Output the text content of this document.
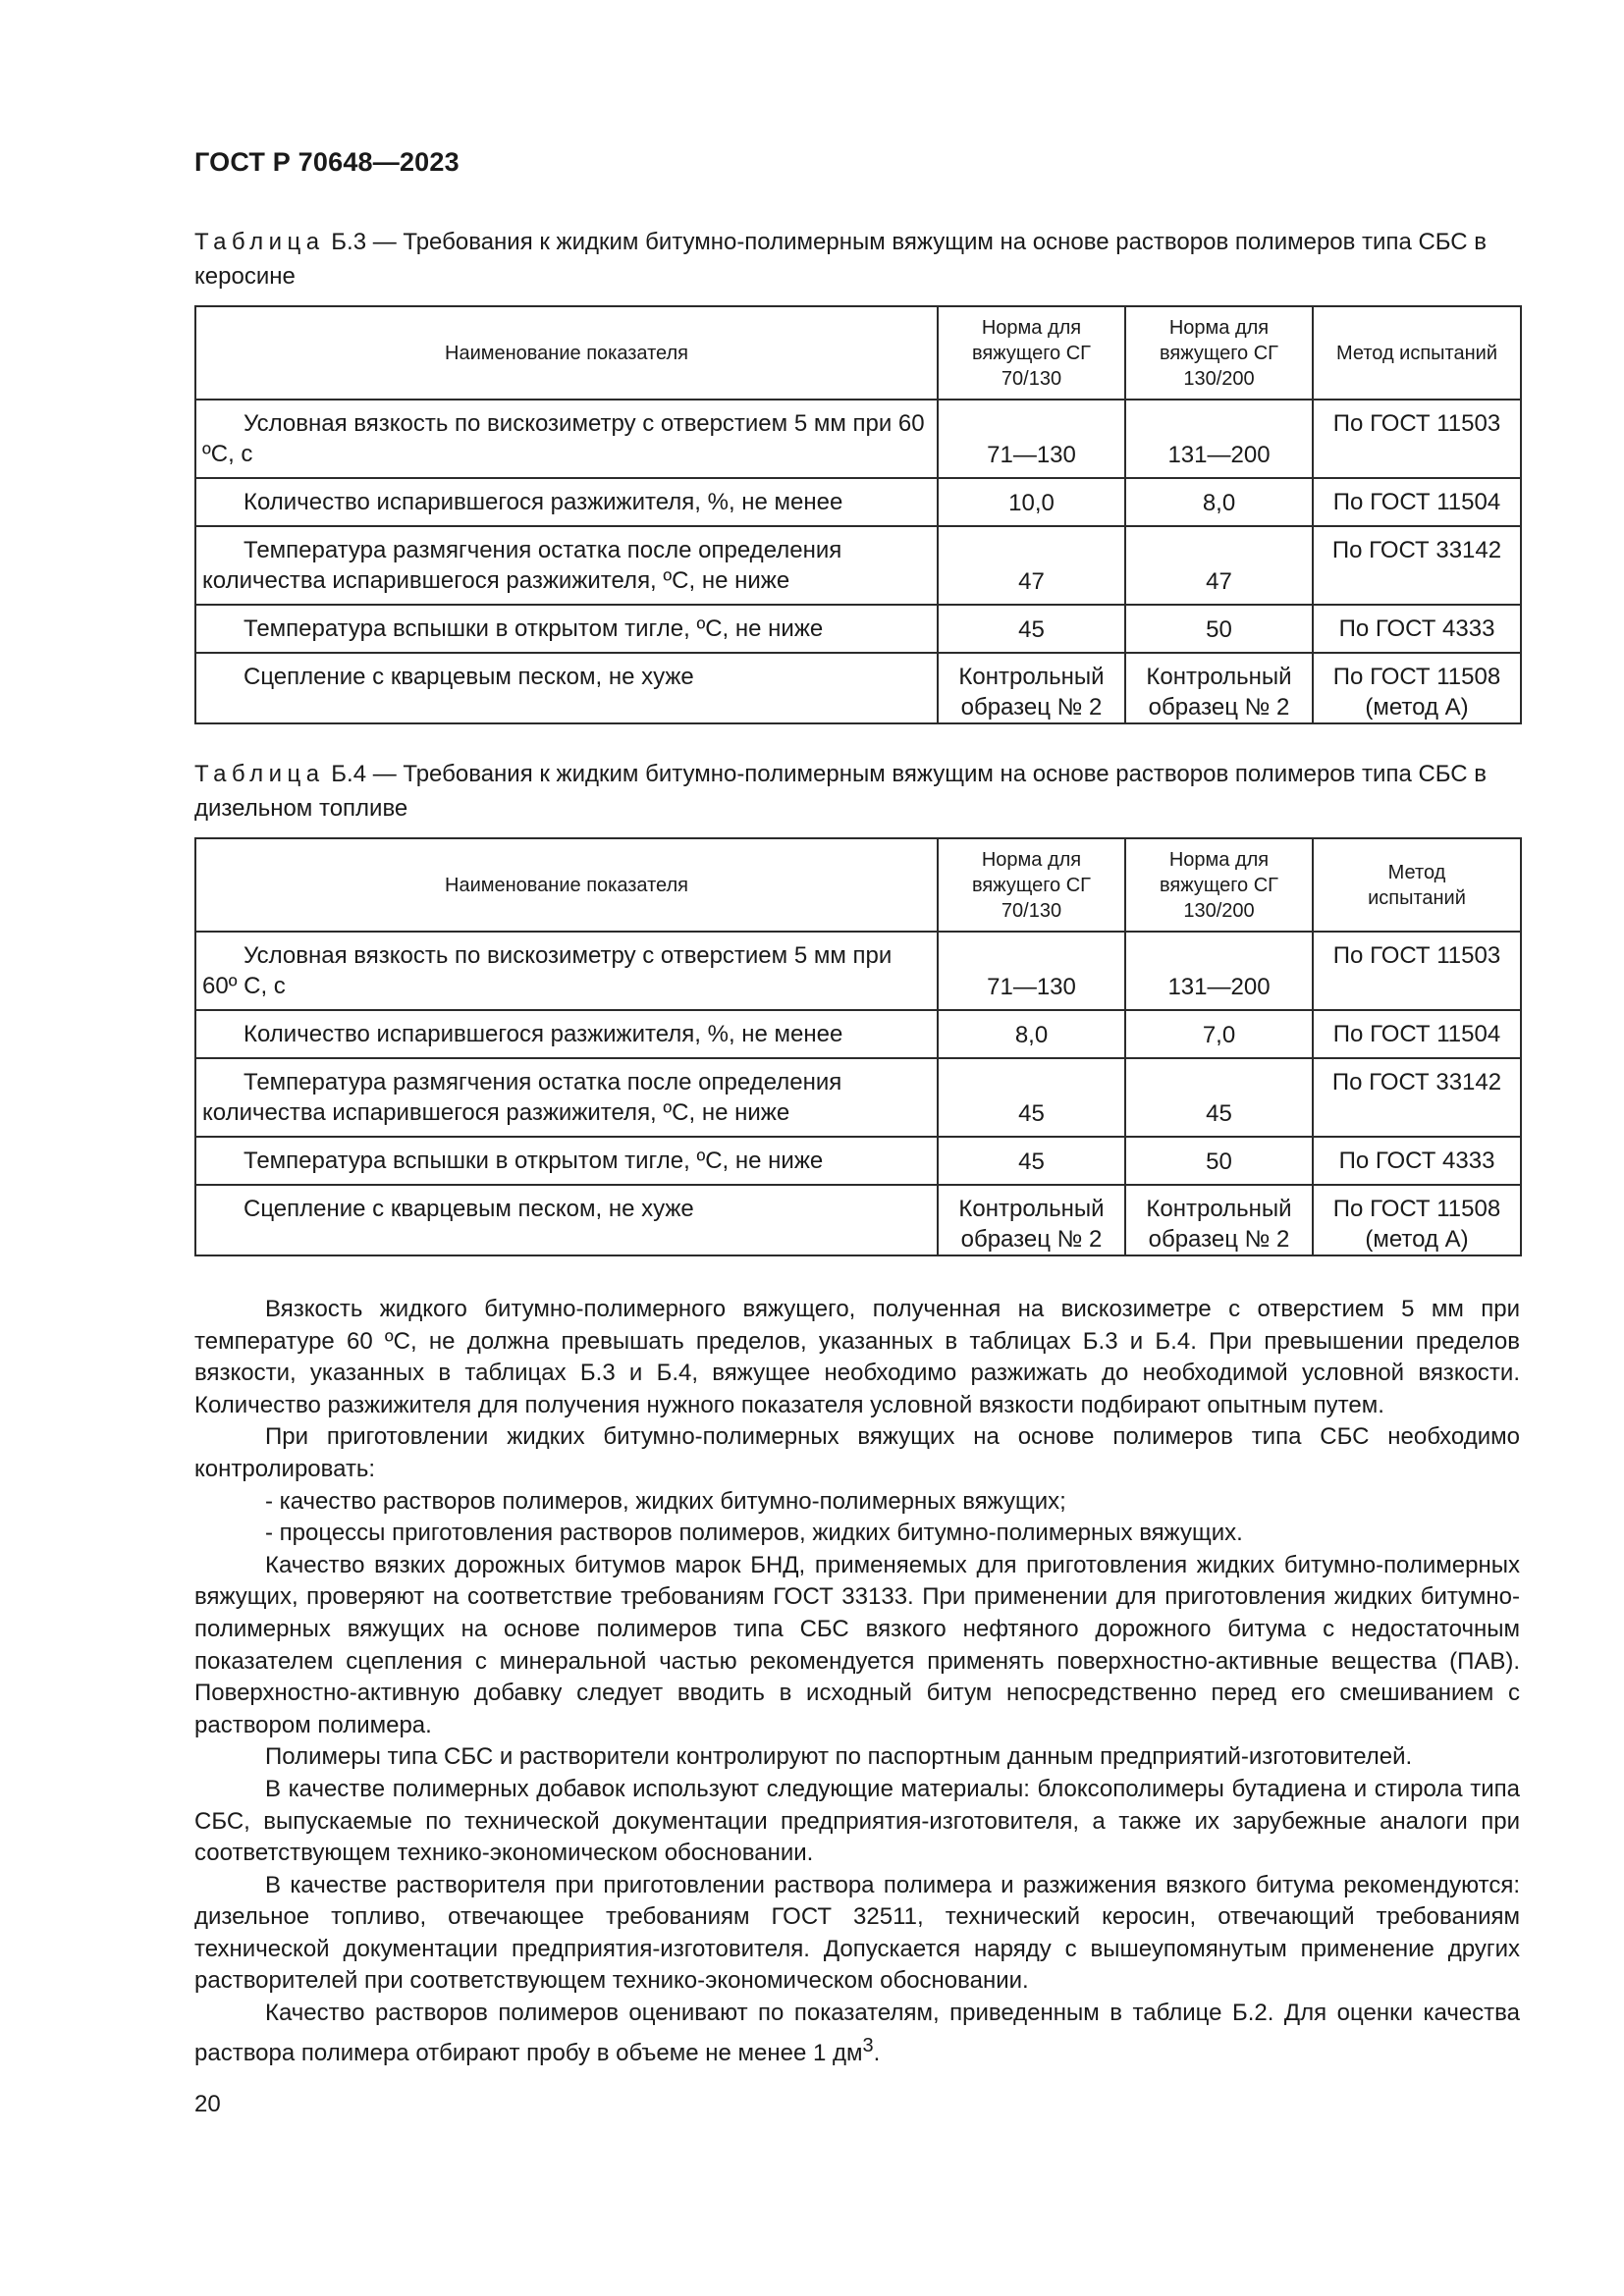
ГОСТ Р 70648—2023
Таблица Б.3 — Требования к жидким битумно-полимерным вяжущим на основе растворов полимеров типа СБС в керосине
Наименование показателя	Норма для вяжущего СГ 70/130	Норма для вяжущего СГ 130/200	Метод испытаний
Условная вязкость по вискозиметру с отверстием 5 мм при 60 ºС, с	71—130	131—200	По ГОСТ 11503
Количество испарившегося разжижителя, %, не менее	10,0	8,0	По ГОСТ 11504
Температура размягчения остатка после определения количества испарившегося разжижителя, ºС, не ниже	47	47	По ГОСТ 33142
Температура вспышки в открытом тигле, ºС, не ниже	45	50	По ГОСТ 4333
Сцепление с кварцевым песком, не хуже	Контрольный образец № 2	Контрольный образец № 2	По ГОСТ 11508 (метод А)
Таблица Б.4 — Требования к жидким битумно-полимерным вяжущим на основе растворов полимеров типа СБС в дизельном топливе
Наименование показателя	Норма для вяжущего СГ 70/130	Норма для вяжущего СГ 130/200	Метод испытаний
Условная вязкость по вискозиметру с отверстием 5 мм при 60º С, с	71—130	131—200	По ГОСТ 11503
Количество испарившегося разжижителя, %, не менее	8,0	7,0	По ГОСТ 11504
Температура размягчения остатка после определения количества испарившегося разжижителя, ºС, не ниже	45	45	По ГОСТ 33142
Температура вспышки в открытом тигле, ºС, не ниже	45	50	По ГОСТ 4333
Сцепление с кварцевым песком, не хуже	Контрольный образец № 2	Контрольный образец № 2	По ГОСТ 11508 (метод А)

Вязкость жидкого битумно-полимерного вяжущего, полученная на вискозиметре с отверстием 5 мм при температуре 60 ºС, не должна превышать пределов, указанных в таблицах Б.3 и Б.4. При превышении пределов вязкости, указанных в таблицах Б.3 и Б.4, вяжущее необходимо разжижать до необходимой условной вязкости. Количество разжижителя для получения нужного показателя условной вязкости подбирают опытным путем.

При приготовлении жидких битумно-полимерных вяжущих на основе полимеров типа СБС необходимо контролировать:

- качество растворов полимеров, жидких битумно-полимерных вяжущих;

- процессы приготовления растворов полимеров, жидких битумно-полимерных вяжущих.

Качество вязких дорожных битумов марок БНД, применяемых для приготовления жидких битумно-полимерных вяжущих, проверяют на соответствие требованиям ГОСТ 33133. При применении для приготовления жидких битумно-полимерных вяжущих на основе полимеров типа СБС вязкого нефтяного дорожного битума с недостаточным показателем сцепления с минеральной частью рекомендуется применять поверхностно-активные вещества (ПАВ). Поверхностно-активную добавку следует вводить в исходный битум непосредственно перед его смешиванием с раствором полимера.

Полимеры типа СБС и растворители контролируют по паспортным данным предприятий-изготовителей.

В качестве полимерных добавок используют следующие материалы: блоксополимеры бутадиена и стирола типа СБС, выпускаемые по технической документации предприятия-изготовителя, а также их зарубежные аналоги при соответствующем технико-экономическом обосновании.

В качестве растворителя при приготовлении раствора полимера и разжижения вязкого битума рекомендуются: дизельное топливо, отвечающее требованиям ГОСТ 32511, технический керосин, отвечающий требованиям технической документации предприятия-изготовителя. Допускается наряду с вышеупомянутым применение других растворителей при соответствующем технико-экономическом обосновании.

Качество растворов полимеров оценивают по показателям, приведенным в таблице Б.2. Для оценки качества раствора полимера отбирают пробу в объеме не менее 1 $дм^3$.

20
